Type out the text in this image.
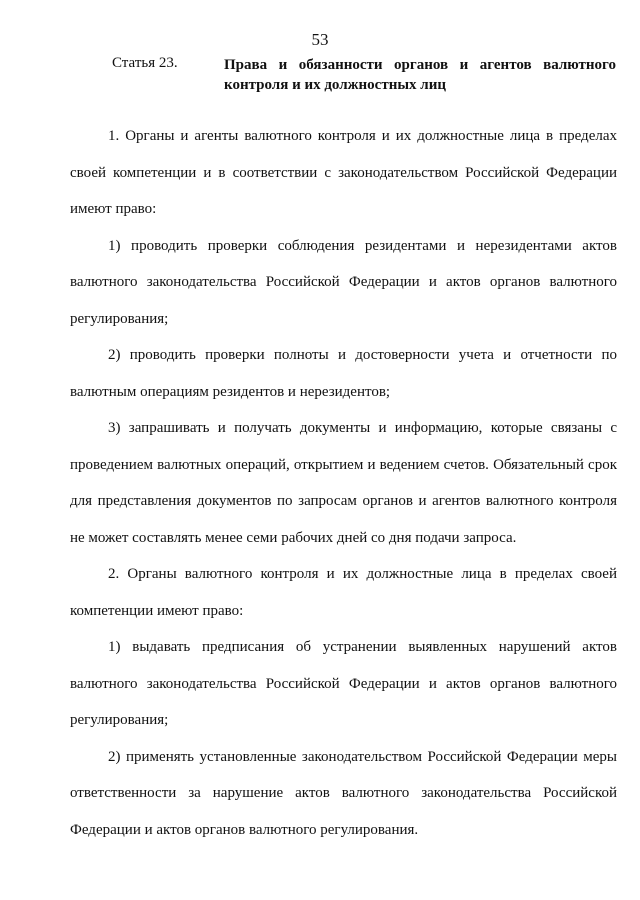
53
Статья 23.	Права и обязанности органов и агентов валютного контроля и их должностных лиц

1. Органы и агенты валютного контроля и их должностные лица в пределах своей компетенции и в соответствии с законодательством Российской Федерации имеют право:

1) проводить проверки соблюдения резидентами и нерезидентами актов валютного законодательства Российской Федерации и актов органов валютного регулирования;

2) проводить проверки полноты и достоверности учета и отчетности по валютным операциям резидентов и нерезидентов;

3) запрашивать и получать документы и информацию, которые связаны с проведением валютных операций, открытием и ведением счетов. Обязательный срок для представления документов по запросам органов и агентов валютного контроля не может составлять менее семи рабочих дней со дня подачи запроса.

2. Органы валютного контроля и их должностные лица в пределах своей компетенции имеют право:

1) выдавать предписания об устранении выявленных нарушений актов валютного законодательства Российской Федерации и актов органов валютного регулирования;

2) применять установленные законодательством Российской Федерации меры ответственности за нарушение актов валютного законодательства Российской Федерации и актов органов валютного регулирования.
